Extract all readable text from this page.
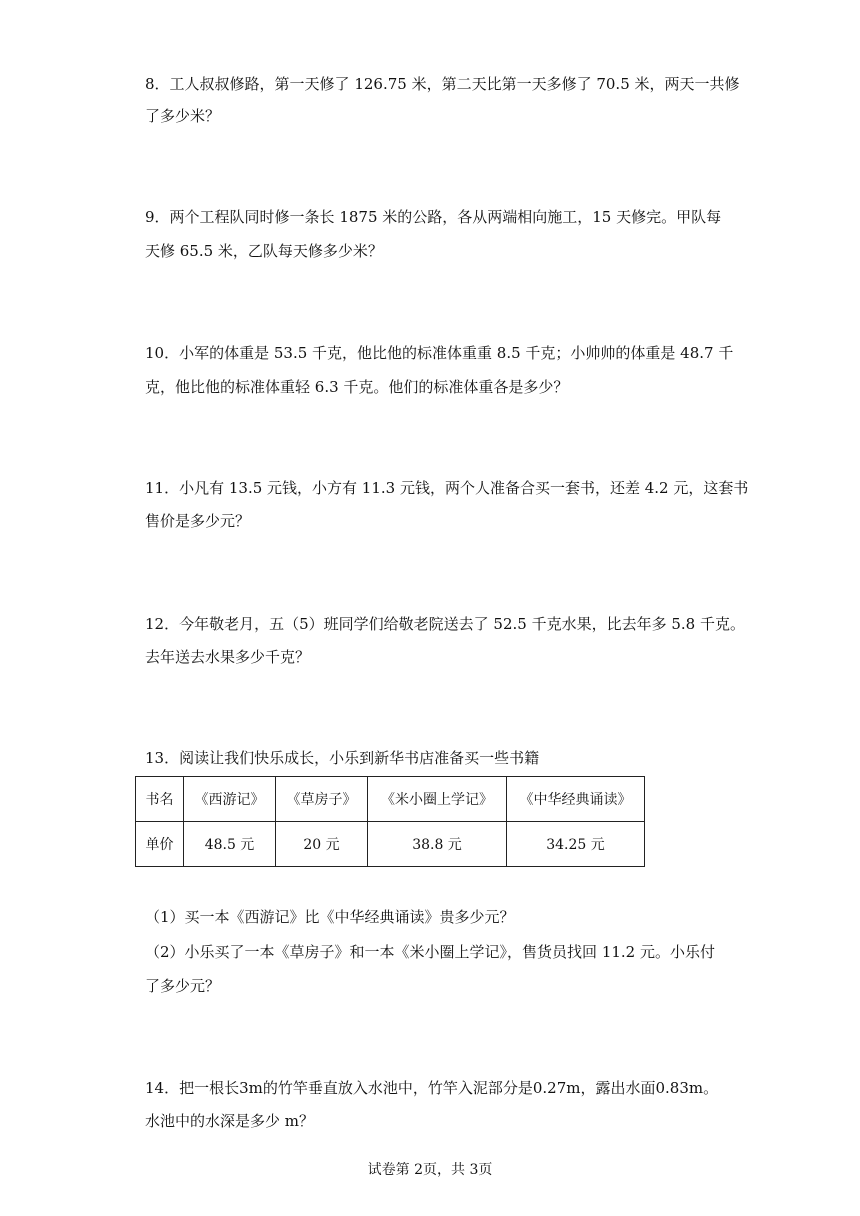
8．工人叔叔修路，第一天修了 126.75 米，第二天比第一天多修了 70.5 米，两天一共修
了多少米？
9．两个工程队同时修一条长 1875 米的公路，各从两端相向施工，15 天修完。甲队每
天修 65.5 米，乙队每天修多少米？
10．小军的体重是 53.5 千克，他比他的标准体重重 8.5 千克；小帅帅的体重是 48.7 千
克，他比他的标准体重轻 6.3 千克。他们的标准体重各是多少？
11．小凡有 13.5 元钱，小方有 11.3 元钱，两个人准备合买一套书，还差 4.2 元，这套书
售价是多少元？
12．今年敬老月，五（5）班同学们给敬老院送去了 52.5 千克水果，比去年多 5.8 千克。
去年送去水果多少千克？
13．阅读让我们快乐成长，小乐到新华书店准备买一些书籍
书名	《西游记》	《草房子》	《米小圈上学记》	《中华经典诵读》
单价	48.5 元	20 元	38.8 元	34.25 元
（1）买一本《西游记》比《中华经典诵读》贵多少元？
（2）小乐买了一本《草房子》和一本《米小圈上学记》，售货员找回 11.2 元。小乐付
了多少元？
14．把一根长3m的竹竿垂直放入水池中，竹竿入泥部分是0.27m，露出水面0.83m。
水池中的水深是多少 m？
试卷第 2页，共 3页
